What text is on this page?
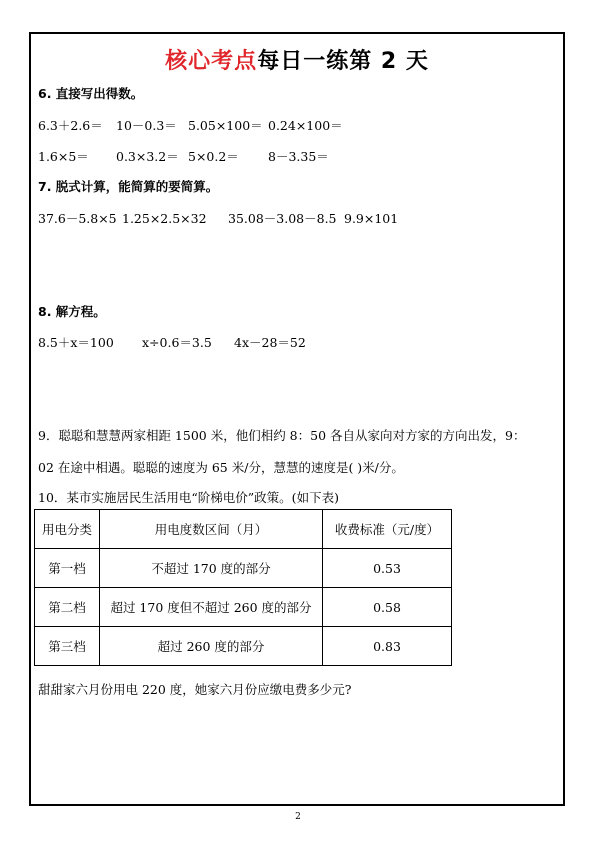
核心考点每日一练第 2 天
6. 直接写出得数。
6.3＋2.6＝ 10－0.3＝ 5.05×100＝ 0.24×100＝
1.6×5＝ 0.3×3.2＝ 5×0.2＝ 8－3.35＝
7. 脱式计算，能简算的要简算。
37.6－5.8×5 1.25×2.5×32 35.08－3.08－8.5 9.9×101
8. 解方程。
8.5＋x＝100 x÷0.6＝3.5 4x－28＝52
9．聪聪和慧慧两家相距 1500 米，他们相约 8：50 各自从家向对方家的方向出发，9：
02 在途中相遇。聪聪的速度为 65 米/分，慧慧的速度是( )米/分。
10．某市实施居民生活用电“阶梯电价”政策。(如下表)
用电分类	用电度数区间（月）	收费标准（元/度）
第一档	不超过 170 度的部分	0.53
第二档	超过 170 度但不超过 260 度的部分	0.58
第三档	超过 260 度的部分	0.83
甜甜家六月份用电 220 度，她家六月份应缴电费多少元?
2
